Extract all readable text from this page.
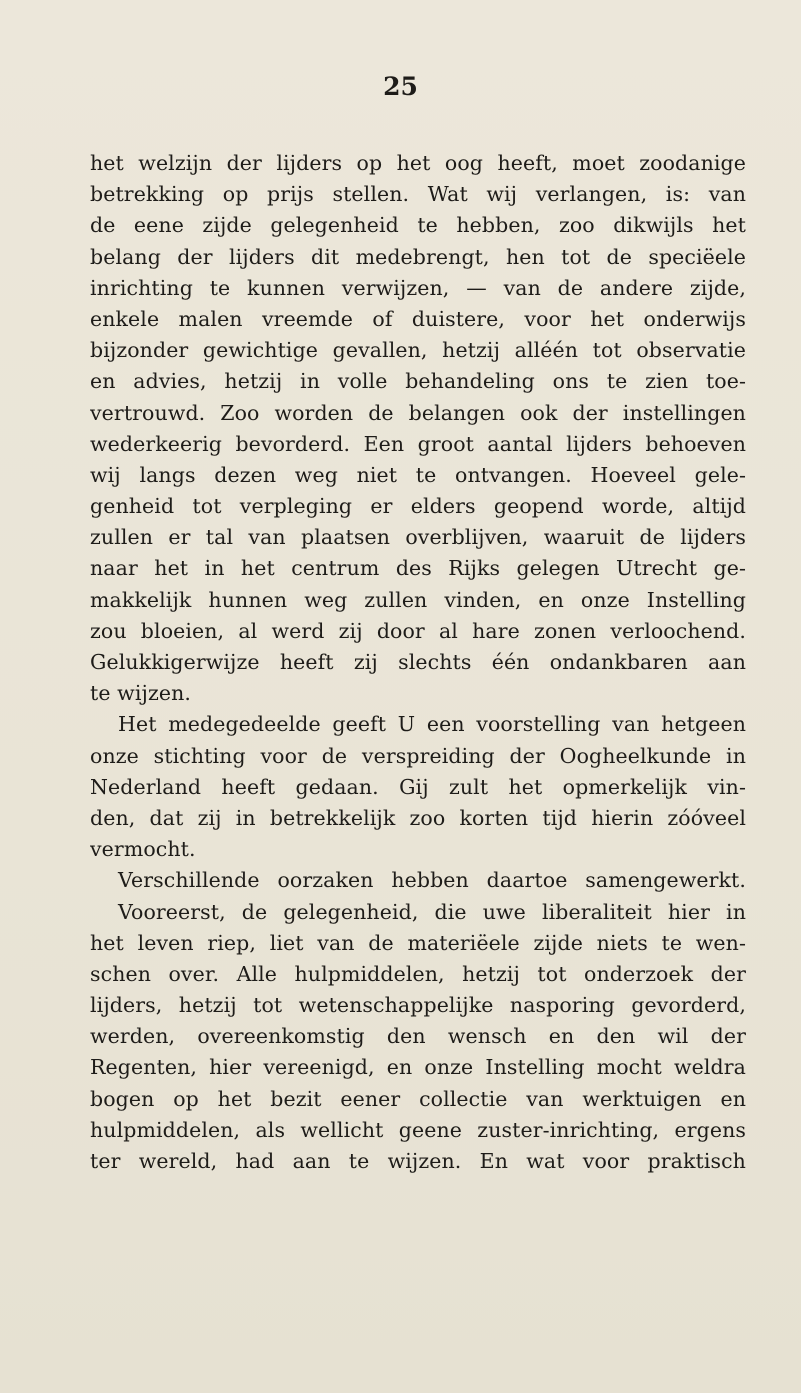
25
het welzijn der lijders op het oog heeft, moet zoodanige
betrekking op prijs stellen. Wat wij verlangen, is: van
de eene zijde gelegenheid te hebben, zoo dikwijls het
belang der lijders dit medebrengt, hen tot de speciëele
inrichting te kunnen verwijzen, — van de andere zijde,
enkele malen vreemde of duistere, voor het onderwijs
bijzonder gewichtige gevallen, hetzij alléén tot observatie
en advies, hetzij in volle behandeling ons te zien toe-
vertrouwd. Zoo worden de belangen ook der instellingen
wederkeerig bevorderd. Een groot aantal lijders behoeven
wij langs dezen weg niet te ontvangen. Hoeveel gele-
genheid tot verpleging er elders geopend worde, altijd
zullen er tal van plaatsen overblijven, waaruit de lijders
naar het in het centrum des Rijks gelegen Utrecht ge-
makkelijk hunnen weg zullen vinden, en onze Instelling
zou bloeien, al werd zij door al hare zonen verloochend.
Gelukkigerwijze heeft zij slechts één ondankbaren aan
te wijzen.
Het medegedeelde geeft U een voorstelling van hetgeen
onze stichting voor de verspreiding der Oogheelkunde in
Nederland heeft gedaan. Gij zult het opmerkelijk vin-
den, dat zij in betrekkelijk zoo korten tijd hierin zóóveel
vermocht.
Verschillende oorzaken hebben daartoe samengewerkt.
Vooreerst, de gelegenheid, die uwe liberaliteit hier in
het leven riep, liet van de materiëele zijde niets te wen-
schen over. Alle hulpmiddelen, hetzij tot onderzoek der
lijders, hetzij tot wetenschappelijke nasporing gevorderd,
werden, overeenkomstig den wensch en den wil der
Regenten, hier vereenigd, en onze Instelling mocht weldra
bogen op het bezit eener collectie van werktuigen en
hulpmiddelen, als wellicht geene zuster-inrichting, ergens
ter wereld, had aan te wijzen. En wat voor praktisch
